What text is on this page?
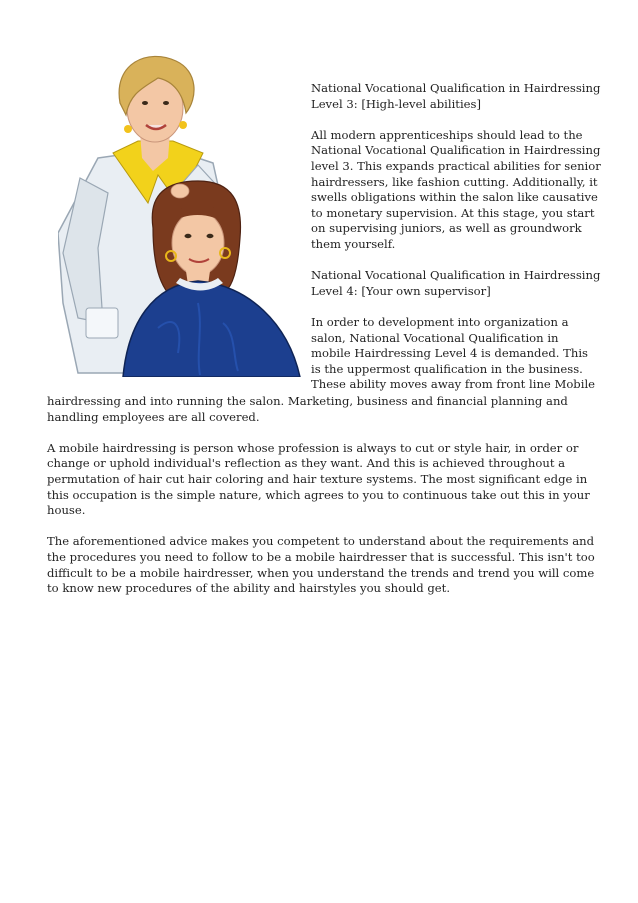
National Vocational Qualification in Hairdressing Level 3: [High-level abilities]

All modern apprenticeships should lead to the National Vocational Qualification in Hairdressing level 3. This expands practical abilities for senior hairdressers, like fashion cutting. Additionally, it swells obligations within the salon like causative to monetary supervision. At this stage, you start on supervising juniors, as well as groundwork them yourself.

National Vocational Qualification in Hairdressing Level 4: [Your own supervisor]

In order to development into organization a salon, National Vocational Qualification in mobile Hairdressing Level 4 is demanded. This is the uppermost qualification in the business. These ability moves away from front line Mobile

hairdressing and into running the salon. Marketing, business and financial planning and handling employees are all covered.

A mobile hairdressing is person whose profession is always to cut or style hair, in order or change or uphold individual's reflection as they want. And this is achieved throughout a permutation of hair cut hair coloring and hair texture systems. The most significant edge in this occupation is the simple nature, which agrees to you to continuous take out this in your house.

The aforementioned advice makes you competent to understand about the requirements and the procedures you need to follow to be a mobile hairdresser that is successful. This isn't too difficult to be a mobile hairdresser, when you understand the trends and trend you will come to know new procedures of the ability and hairstyles you should get.
